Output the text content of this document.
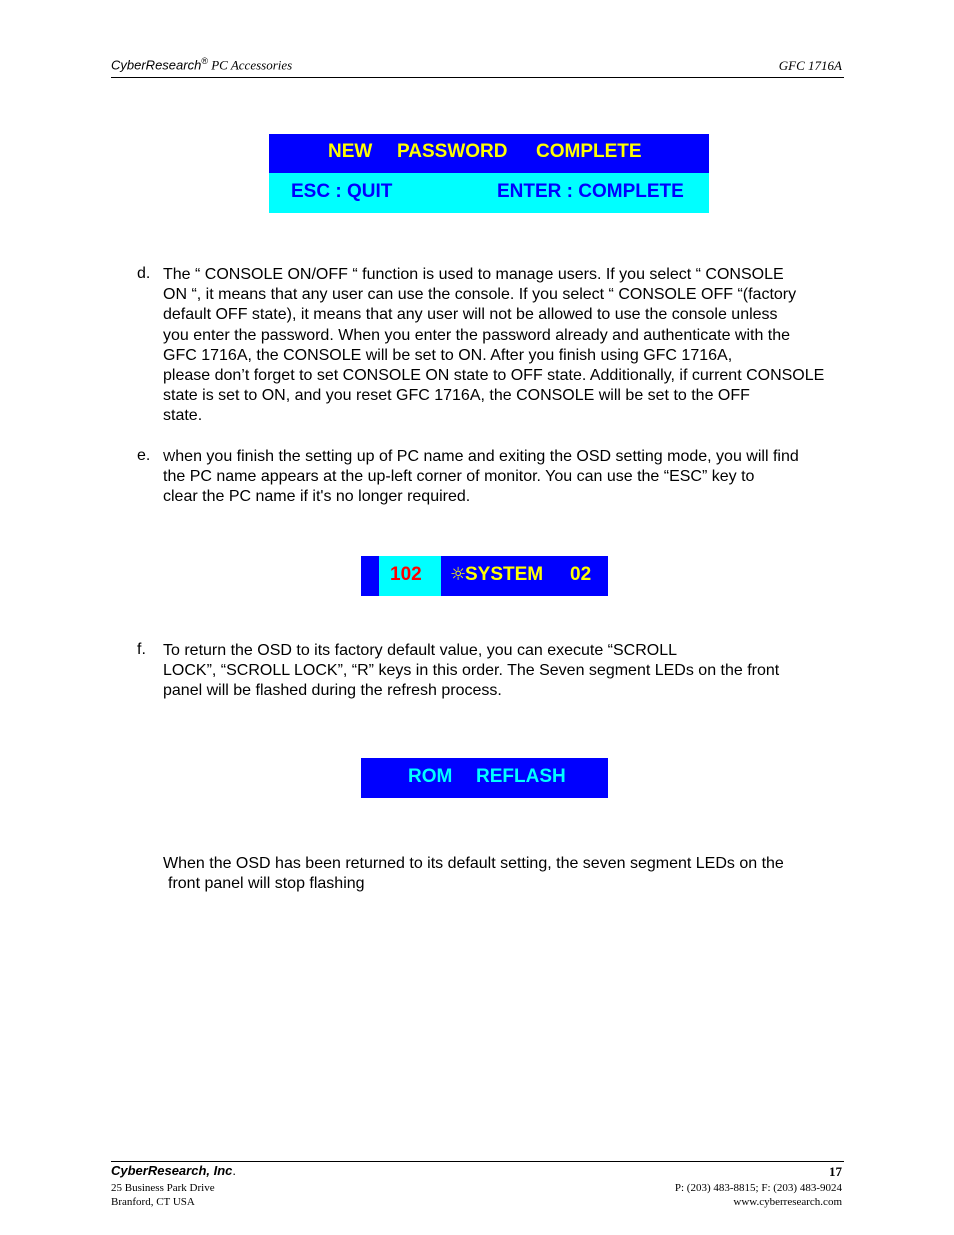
CyberResearch® PC Accessories	GFC 1716A
NEW PASSWORD COMPLETE
ESC : QUIT	ENTER : COMPLETE
d. The “ CONSOLE ON/OFF “ function is used to manage users. If you select “ CONSOLE
ON “, it means that any user can use the console. If you select “ CONSOLE OFF “(factory
default OFF state), it means that any user will not be allowed to use the console unless
you enter the password. When you enter the password already and authenticate with the
GFC 1716A, the CONSOLE will be set to ON. After you finish using GFC 1716A,
please don’t forget to set CONSOLE ON state to OFF state. Additionally, if current CONSOLE
state is set to ON, and you reset GFC 1716A, the CONSOLE will be set to the OFF
state.
e. When you finish the setting up of PC name and exiting the OSD setting mode, you will find
the PC name appears at the up-left corner of monitor. You can use the “ESC” key to
clear the PC name if it's no longer required.
102 ☼
SYSTEM 02
f. To return the OSD to its factory default value, you can execute “SCROLL
LOCK”, “SCROLL LOCK”, “R” keys in this order. The Seven segment LEDs on the front
panel will be flashed during the refresh process.
ROM REFLASH
When the OSD has been returned to its default setting, the seven segment LEDs on the
front panel will stop flashing
CyberResearch, Inc.
25 Business Park Drive
Branford, CT USA
17
P: (203) 483-8815; F: (203) 483-9024
www.cyberresearch.com
